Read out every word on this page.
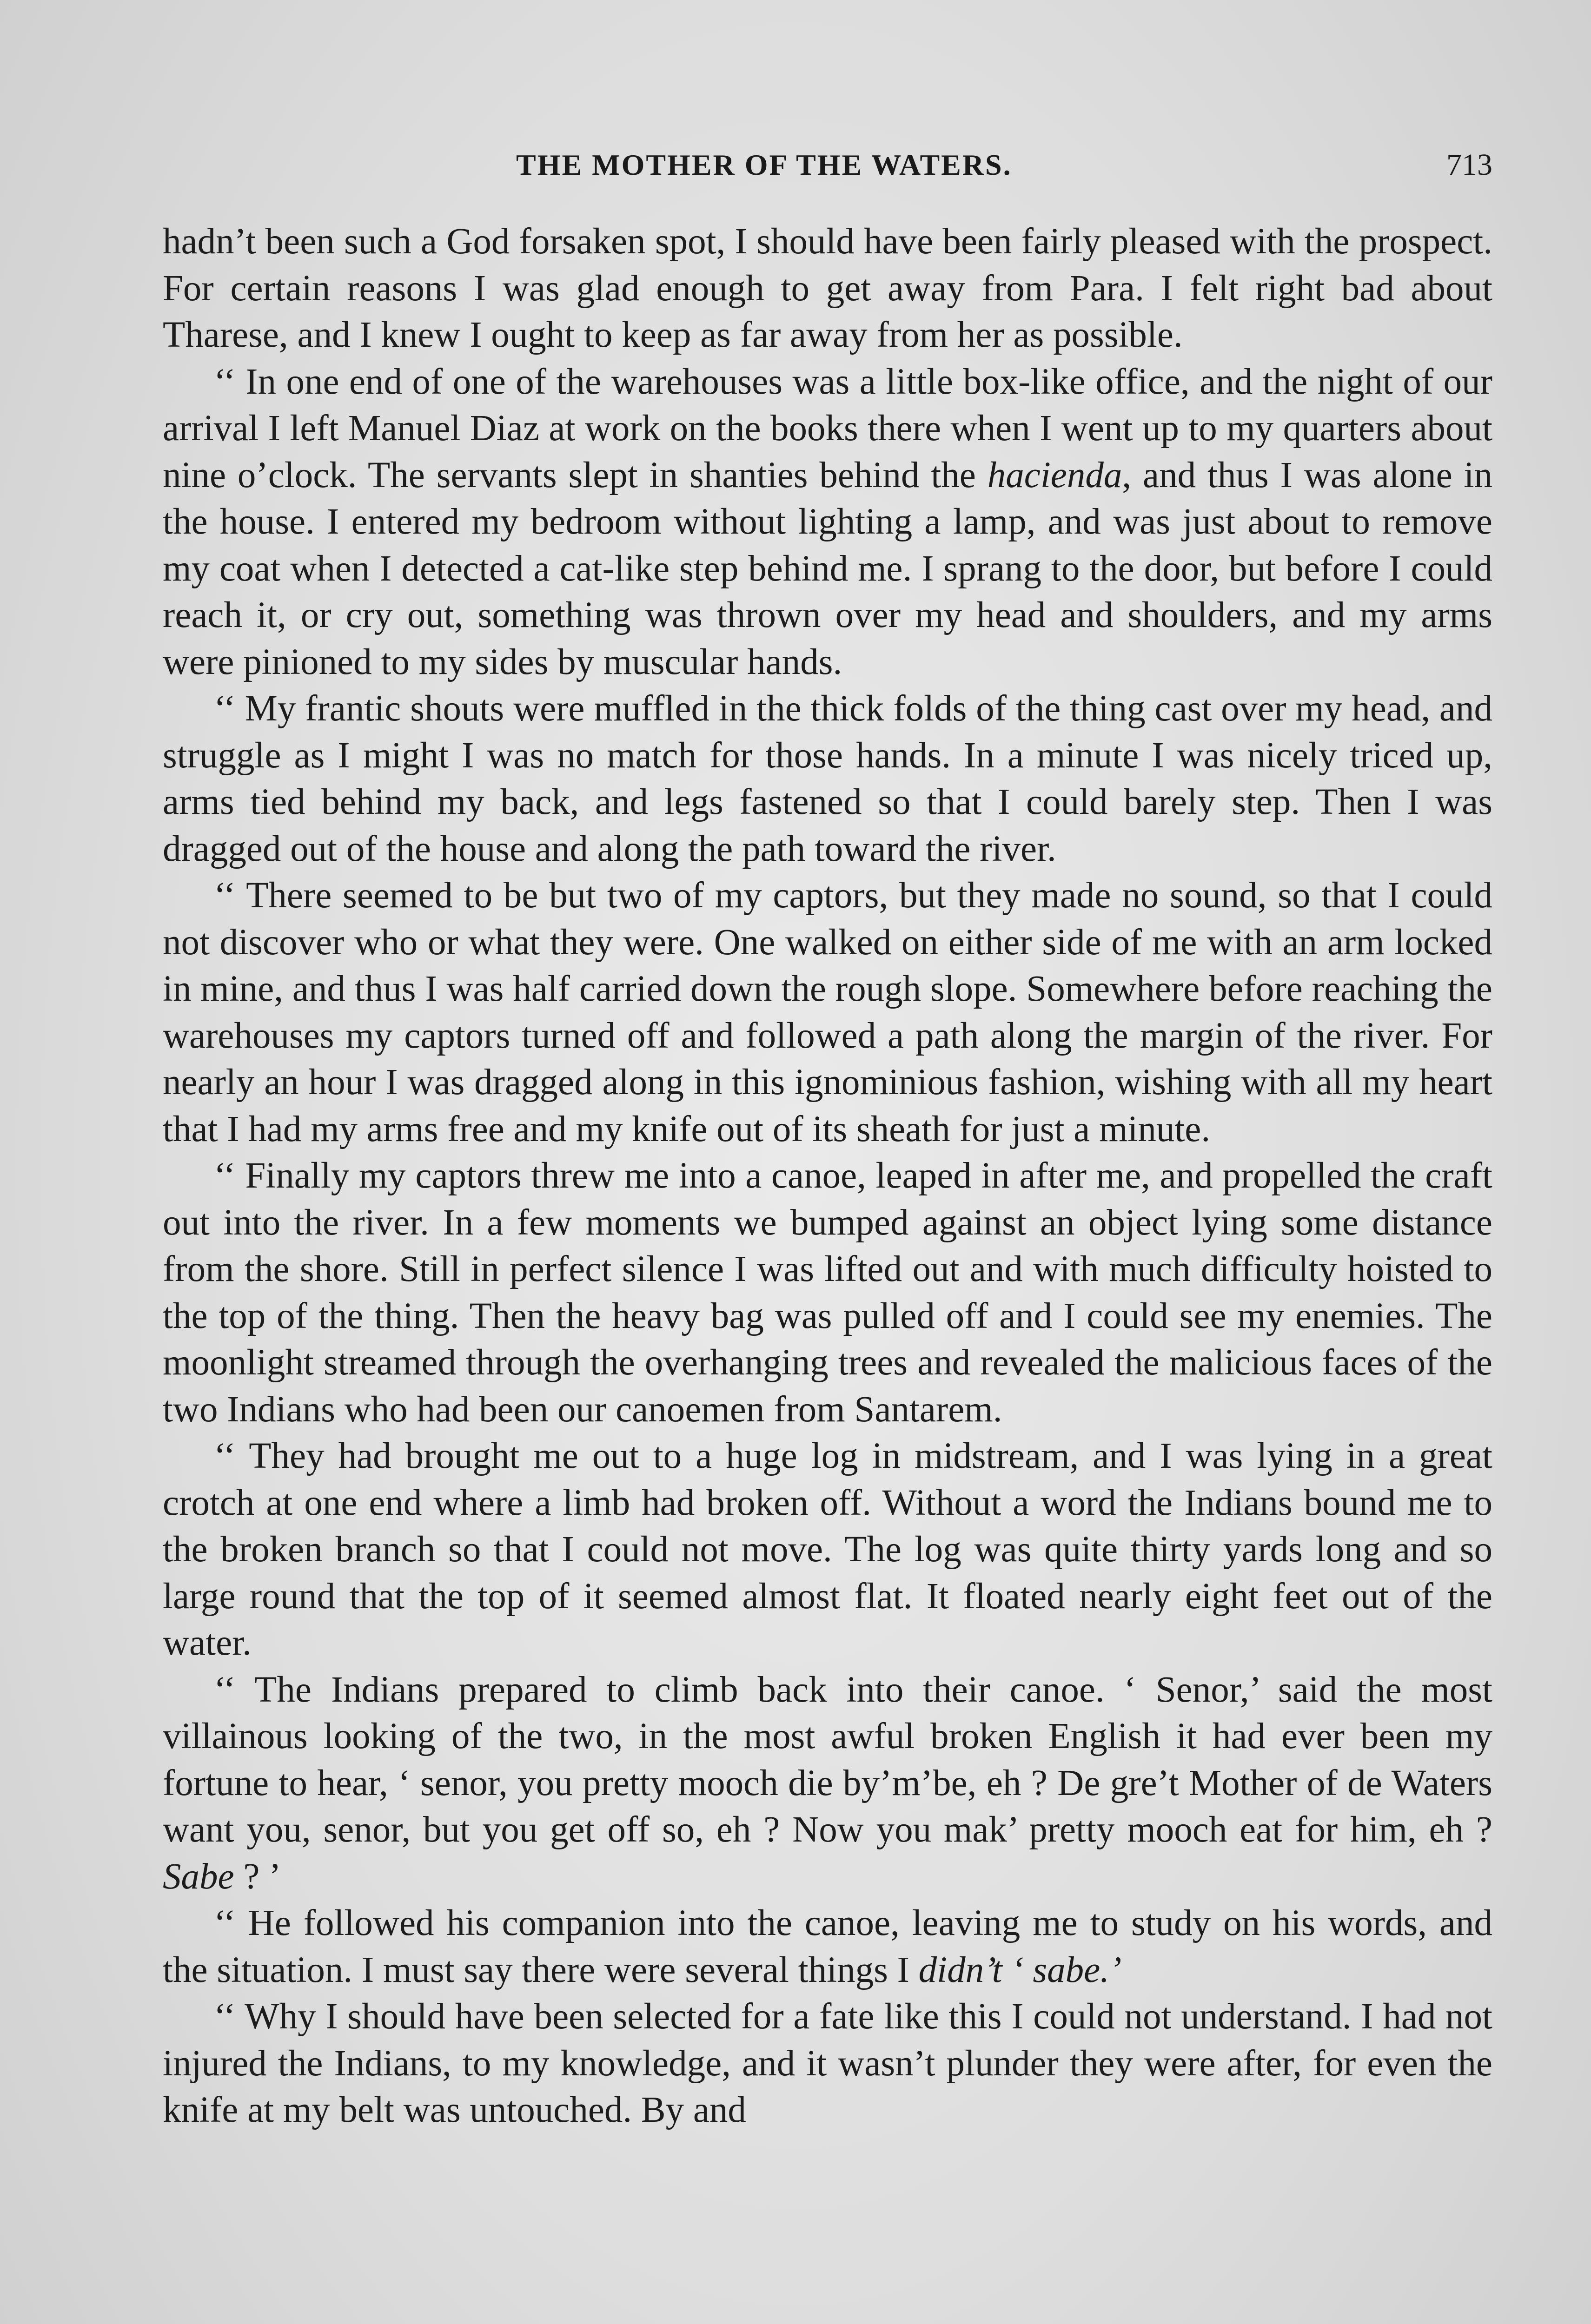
THE MOTHER OF THE WATERS.	713

hadn’t been such a God forsaken spot, I should have been fairly pleased with the prospect. For certain reasons I was glad enough to get away from Para. I felt right bad about Tharese, and I knew I ought to keep as far away from her as possible.

‘‘ In one end of one of the warehouses was a little box-like office, and the night of our arrival I left Manuel Diaz at work on the books there when I went up to my quarters about nine o’clock. The servants slept in shanties behind the hacienda, and thus I was alone in the house. I entered my bedroom without lighting a lamp, and was just about to remove my coat when I detected a cat-like step behind me. I sprang to the door, but before I could reach it, or cry out, something was thrown over my head and shoulders, and my arms were pinioned to my sides by muscular hands.

‘‘ My frantic shouts were muffled in the thick folds of the thing cast over my head, and struggle as I might I was no match for those hands. In a minute I was nicely triced up, arms tied behind my back, and legs fastened so that I could barely step. Then I was dragged out of the house and along the path toward the river.

‘‘ There seemed to be but two of my captors, but they made no sound, so that I could not discover who or what they were. One walked on either side of me with an arm locked in mine, and thus I was half carried down the rough slope. Somewhere before reaching the warehouses my captors turned off and followed a path along the margin of the river. For nearly an hour I was dragged along in this ignominious fashion, wishing with all my heart that I had my arms free and my knife out of its sheath for just a minute.

‘‘ Finally my captors threw me into a canoe, leaped in after me, and propelled the craft out into the river. In a few moments we bumped against an object lying some distance from the shore. Still in perfect silence I was lifted out and with much difficulty hoisted to the top of the thing. Then the heavy bag was pulled off and I could see my enemies. The moonlight streamed through the overhanging trees and revealed the malicious faces of the two Indians who had been our canoemen from Santarem.

‘‘ They had brought me out to a huge log in midstream, and I was lying in a great crotch at one end where a limb had broken off. Without a word the Indians bound me to the broken branch so that I could not move. The log was quite thirty yards long and so large round that the top of it seemed almost flat. It floated nearly eight feet out of the water.

‘‘ The Indians prepared to climb back into their canoe. ‘ Senor,’ said the most villainous looking of the two, in the most awful broken English it had ever been my fortune to hear, ‘ senor, you pretty mooch die by’m’be, eh ? De gre’t Mother of de Waters want you, senor, but you get off so, eh ? Now you mak’ pretty mooch eat for him, eh ? Sabe ? ’

‘‘ He followed his companion into the canoe, leaving me to study on his words, and the situation. I must say there were several things I didn’t ‘ sabe.’

‘‘ Why I should have been selected for a fate like this I could not understand. I had not injured the Indians, to my knowledge, and it wasn’t plunder they were after, for even the knife at my belt was untouched. By and
